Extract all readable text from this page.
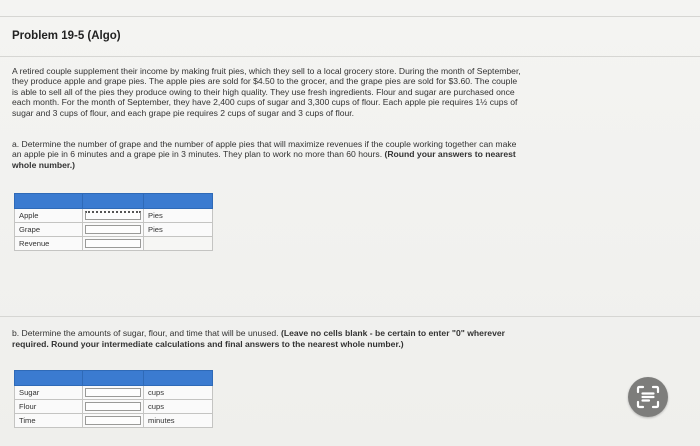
Problem 19-5 (Algo)
A retired couple supplement their income by making fruit pies, which they sell to a local grocery store. During the month of September,
they produce apple and grape pies. The apple pies are sold for $4.50 to the grocer, and the grape pies are sold for $3.60. The couple
is able to sell all of the pies they produce owing to their high quality. They use fresh ingredients. Flour and sugar are purchased once
each month. For the month of September, they have 2,400 cups of sugar and 3,300 cups of flour. Each apple pie requires 1½ cups of
sugar and 3 cups of flour, and each grape pie requires 2 cups of sugar and 3 cups of flour.
a. Determine the number of grape and the number of apple pies that will maximize revenues if the couple working together can make
an apple pie in 6 minutes and a grape pie in 3 minutes. They plan to work no more than 60 hours. (Round your answers to nearest
whole number.)

Apple		Pies
Grape		Pies
Revenue	

b. Determine the amounts of sugar, flour, and time that will be unused. (Leave no cells blank - be certain to enter "0" wherever
required. Round your intermediate calculations and final answers to the nearest whole number.)

Sugar		cups
Flour		cups
Time		minutes
